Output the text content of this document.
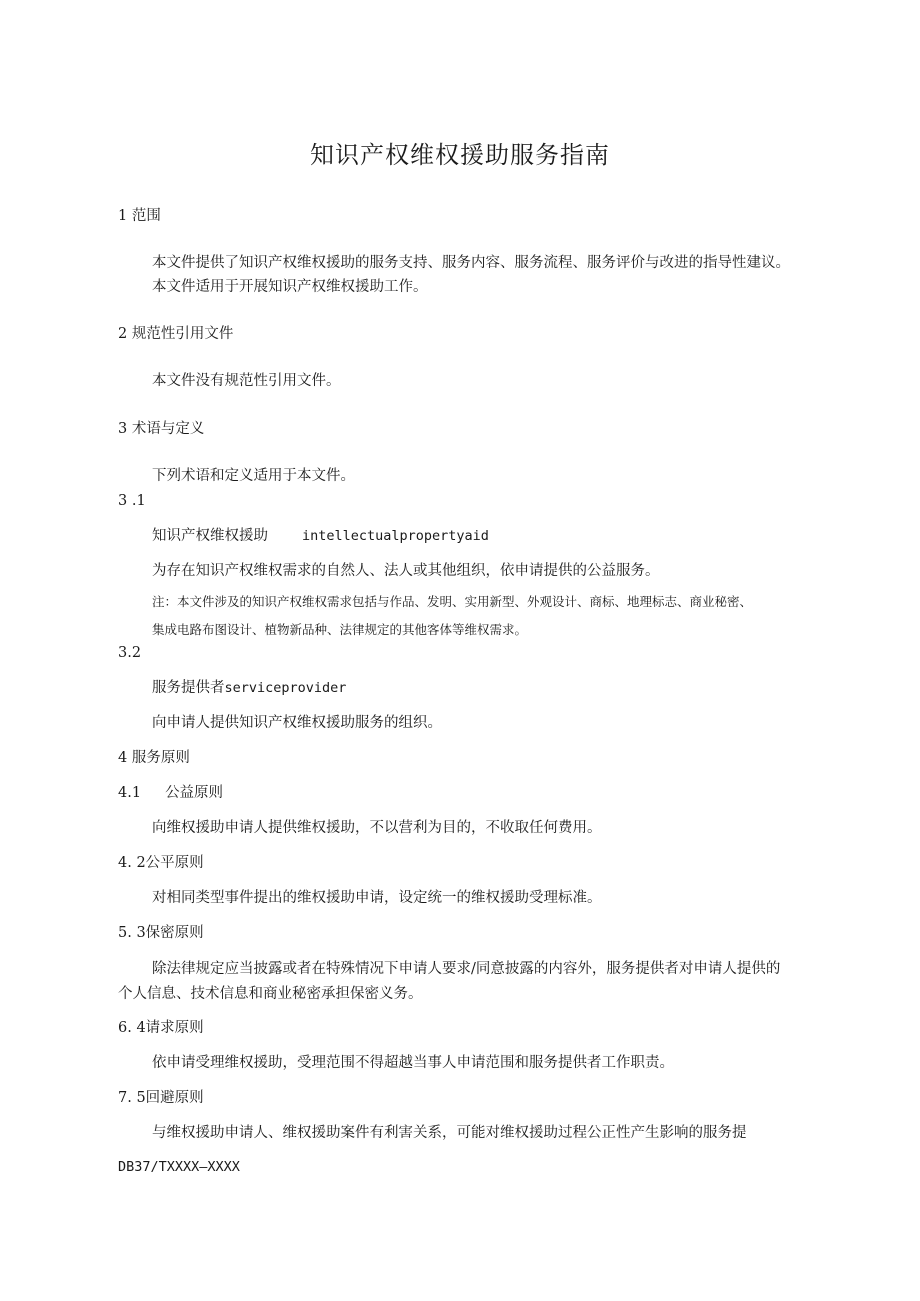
知识产权维权援助服务指南
1 范围
本文件提供了知识产权维权援助的服务支持、服务内容、服务流程、服务评价与改进的指导性建议。
本文件适用于开展知识产权维权援助工作。
2 规范性引用文件
本文件没有规范性引用文件。
3 术语与定义
下列术语和定义适用于本文件。
3 .1
知识产权维权援助	intellectualpropertyaid
为存在知识产权维权需求的自然人、法人或其他组织，依申请提供的公益服务。
注：本文件涉及的知识产权维权需求包括与作品、发明、实用新型、外观设计、商标、地理标志、商业秘密、
集成电路布图设计、植物新品种、法律规定的其他客体等维权需求。
3.2
服务提供者serviceprovider
向申请人提供知识产权维权援助服务的组织。
4 服务原则
4.1 公益原则
向维权援助申请人提供维权援助，不以营利为目的，不收取任何费用。
4. 2公平原则
对相同类型事件提出的维权援助申请，设定统一的维权援助受理标准。
5. 3保密原则
除法律规定应当披露或者在特殊情况下申请人要求/同意披露的内容外，服务提供者对申请人提供的
个人信息、技术信息和商业秘密承担保密义务。
6. 4请求原则
依申请受理维权援助，受理范围不得超越当事人申请范围和服务提供者工作职责。
7. 5回避原则
与维权援助申请人、维权援助案件有利害关系，可能对维权援助过程公正性产生影响的服务提
DB37/TXXXX—XXXX
